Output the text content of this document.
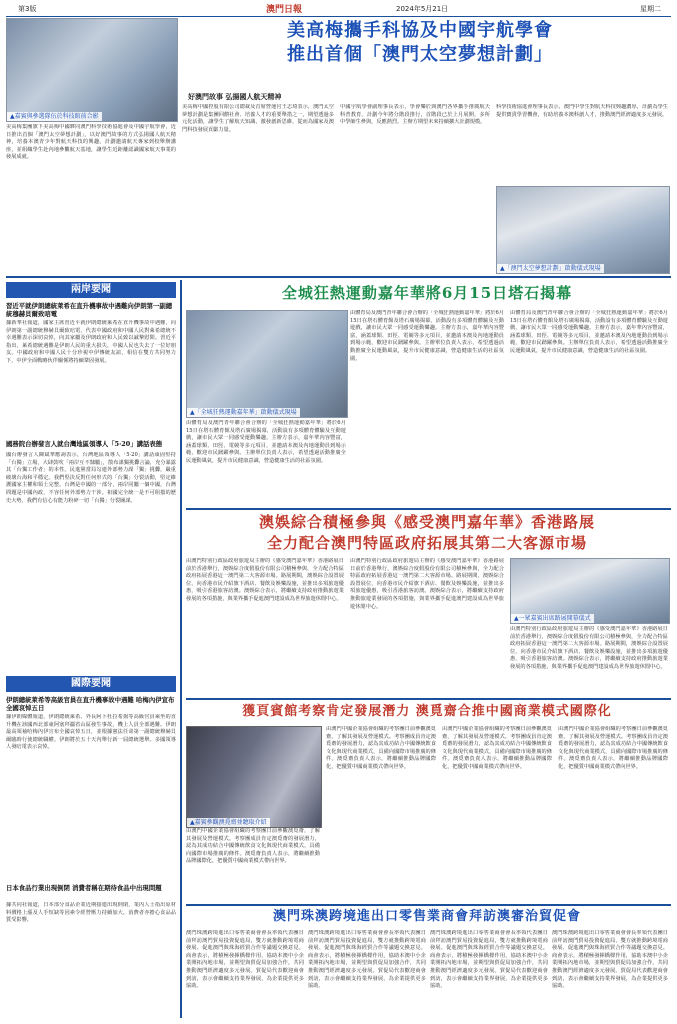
第3版	澳門日報	2024年5月21日	星期二
美高梅攜手科協及中國宇航學會
推出首個「澳門太空夢想計劃」
▲嘉賓與參選隊伍於科技館前合影
好澳門故事 弘揚國人航天精神
美高梅集團旗下美高梅中國夥同澳門科學技術協進會及中國宇航學會，近日推出首個「澳門太空夢想計劃」，以好澳門故事的方式弘揚國人航天精神，培養本澳青少年對航天科技的興趣。計劃邀請航天專家到校舉辦講座，並組織學生赴內地參觀航天基地，讓學生近距離認識國家航天事業的發展成就。
美高梅中國控股有限公司總裁及首席營運官王志琦表示，澳門太空夢想計劃是集團回饋社會、培養人才的重要舉措之一，期望透過多元化活動，讓學生了解航天知識，激發創新思維，從而為國家及澳門科技發展貢獻力量。
中國宇航學會副理事長表示，學會樂於與澳門各界攜手推廣航天科普教育。計劃今年將分階段推行，首階段已於上月展開，多所中學師生參與，反應熱烈。主辦方期望未來持續擴大計劃規模。
科學技術協進會理事長表示，澳門中學生對航天科技興趣濃厚，計劃為學生提供寶貴學習機會，有助培養本澳科創人才，推動澳門經濟適度多元發展。
▲「澳門太空夢想計劃」啟動儀式現場
兩岸要聞
習近平就伊朗總統萊希在直升機事故中遇難向伊朗第一副總統穆赫貝爾致唁電
據新華社報道，國家主席習近平就伊朗總統萊希在直升機事故中遇難，向伊朗第一副總統穆赫貝爾致唁電，代表中國政府和中國人民對萊希總統不幸遇難表示深切哀悼，向其家屬及伊朗政府和人民致以誠摯慰問。習近平指出，萊希總統遇難是伊朗人民的重大損失，中國人民也失去了一位好朋友。中國政府和中國人民十分珍視中伊傳統友誼，相信在雙方共同努力下，中伊全面戰略伙伴關係將持續鞏固發展。
國務院台辦發言人就台灣地區領導人「5·20」講話表態
國台辦發言人陳斌華應詢表示，台灣地區領導人「5·20」講話頑固堅持「台獨」立場，大肆鼓吹「兩岸互不隸屬」，散布謀獨挑釁言論，充分暴露其「台獨工作者」的本性。民進黨當局勾連外部勢力謀「獨」挑釁，嚴重破壞台海和平穩定。我們堅決反對任何形式的「台獨」分裂活動，堅定維護國家主權和領土完整。台灣是中國的一部分，兩岸同屬一個中國，台灣問題是中國內政，不容任何外部勢力干涉。祖國完全統一是不可阻擋的歷史大勢，我們有信心有能力粉碎一切「台獨」分裂圖謀。
國際要聞
伊朗總統萊希等高級官員在直升機事故中遇難 哈梅內伊宣布全國哀悼五日
據伊朗媒體報道，伊朗總統萊希、外長阿卜杜拉希揚等高級官員乘坐的直升機在該國西北部東阿塞拜疆省山區發生事故，機上人員全部遇難。伊朗最高領袖哈梅內伊宣布全國哀悼五日，並根據憲法任命第一副總統穆赫貝爾臨時行使總統職權。伊朗將於五十天內舉行新一屆總統選舉。多國領導人發唁電表示哀悼。
日本食品行業出現倒閉 消費者稱在期待食品中出現問題
據共同社報道，日本部分食品企業近期接連出現倒閉，業內人士指出原材料價格上漲及人手短缺等因素令經營壓力持續加大，消費者亦擔心食品品質受影響。
全城狂熱運動嘉年華將6月15日塔石揭幕
▲「全城狂熱運動嘉年華」啟動儀式現場
由體育局及澳門青年聯合會合辦的「全城狂熱運動嘉年華」將於6月15日在塔石體育館及塔石廣場揭幕，活動設有多項體育體驗及互動遊戲，讓市民大眾一同感受運動樂趣。主辦方表示，嘉年華內容豐富，涵蓋球類、田徑、電競等多元項目，並邀請本澳及內地運動員到場示範，歡迎市民踴躍參與。主辦單位負責人表示，希望透過活動推廣全民運動風氣，提升市民健康意識，營造健康生活的社區氛圍。
由體育局及澳門青年聯合會合辦的「全城狂熱運動嘉年華」將於6月15日在塔石體育館及塔石廣場揭幕，活動設有多項體育體驗及互動遊戲，讓市民大眾一同感受運動樂趣。主辦方表示，嘉年華內容豐富，涵蓋球類、田徑、電競等多元項目，並邀請本澳及內地運動員到場示範，歡迎市民踴躍參與。主辦單位負責人表示，希望透過活動推廣全民運動風氣，提升市民健康意識，營造健康生活的社區氛圍。
由體育局及澳門青年聯合會合辦的「全城狂熱運動嘉年華」將於6月15日在塔石體育館及塔石廣場揭幕，活動設有多項體育體驗及互動遊戲，讓市民大眾一同感受運動樂趣。主辦方表示，嘉年華內容豐富，涵蓋球類、田徑、電競等多元項目，並邀請本澳及內地運動員到場示範，歡迎市民踴躍參與。主辦單位負責人表示，希望透過活動推廣全民運動風氣，提升市民健康意識，營造健康生活的社區氛圍。
澳娛綜合積極參與《感受澳門嘉年華》香港路展
全力配合澳門特區政府拓展其第二大客源市場
由澳門特別行政區政府旅遊局主辦的《感受澳門嘉年華》香港路展日前於香港舉行，澳娛綜合度假股份有限公司積極參與，全力配合特區政府拓展香港這一澳門第二大客源市場。路展期間，澳娛綜合設置展位，向香港市民介紹旗下酒店、餐飲及娛樂設施，並推出多項旅遊優惠，吸引香港旅客訪澳。澳娛綜合表示，將繼續支持政府推動旅遊業發展的各項措施，與業界攜手促進澳門建設成為世界旅遊休閒中心。
由澳門特別行政區政府旅遊局主辦的《感受澳門嘉年華》香港路展日前於香港舉行，澳娛綜合度假股份有限公司積極參與，全力配合特區政府拓展香港這一澳門第二大客源市場。路展期間，澳娛綜合設置展位，向香港市民介紹旗下酒店、餐飲及娛樂設施，並推出多項旅遊優惠，吸引香港旅客訪澳。澳娛綜合表示，將繼續支持政府推動旅遊業發展的各項措施，與業界攜手促進澳門建設成為世界旅遊休閒中心。
▲一眾嘉賓出席路展開幕儀式
由澳門特別行政區政府旅遊局主辦的《感受澳門嘉年華》香港路展日前於香港舉行，澳娛綜合度假股份有限公司積極參與，全力配合特區政府拓展香港這一澳門第二大客源市場。路展期間，澳娛綜合設置展位，向香港市民介紹旗下酒店、餐飲及娛樂設施，並推出多項旅遊優惠，吸引香港旅客訪澳。澳娛綜合表示，將繼續支持政府推動旅遊業發展的各項措施，與業界攜手促進澳門建設成為世界旅遊休閒中心。
獲頁賓館考察肯定發展潛力 澳覓齋合推中國商業模式國際化
▲嘉賓參觀澳覓齋並聽取介紹
由澳門中國企業協會組織的考察團日前參觀澳覓齋，了解其發展及營運模式。考察團成員肯定澳覓齋的發展潛力，認為其成功結合中國傳統飲食文化與現代商業模式，具備向國際市場推廣的條件。澳覓齋負責人表示，將繼續推動品牌國際化，把優質中國商業模式帶向世界。
由澳門中國企業協會組織的考察團日前參觀澳覓齋，了解其發展及營運模式。考察團成員肯定澳覓齋的發展潛力，認為其成功結合中國傳統飲食文化與現代商業模式，具備向國際市場推廣的條件。澳覓齋負責人表示，將繼續推動品牌國際化，把優質中國商業模式帶向世界。
由澳門中國企業協會組織的考察團日前參觀澳覓齋，了解其發展及營運模式。考察團成員肯定澳覓齋的發展潛力，認為其成功結合中國傳統飲食文化與現代商業模式，具備向國際市場推廣的條件。澳覓齋負責人表示，將繼續推動品牌國際化，把優質中國商業模式帶向世界。
由澳門中國企業協會組織的考察團日前參觀澳覓齋，了解其發展及營運模式。考察團成員肯定澳覓齋的發展潛力，認為其成功結合中國傳統飲食文化與現代商業模式，具備向國際市場推廣的條件。澳覓齋負責人表示，將繼續推動品牌國際化，把優質中國商業模式帶向世界。
澳門珠澳跨境進出口零售業商會拜訪澳審治貿促會
澳門珠澳跨境進出口零售業商會會長率領代表團日前拜訪澳門貿易投資促進局，雙方就推動跨境電商發展、促進澳門與珠海經貿合作等議題交換意見。商會表示，將積極發揮橋樑作用，協助本澳中小企業開拓內地市場，並期望與貿促局加強合作，共同推動澳門經濟適度多元發展。貿促局代表歡迎商會到訪，表示會繼續支持業界發展，為企業提供更多協助。
澳門珠澳跨境進出口零售業商會會長率領代表團日前拜訪澳門貿易投資促進局，雙方就推動跨境電商發展、促進澳門與珠海經貿合作等議題交換意見。商會表示，將積極發揮橋樑作用，協助本澳中小企業開拓內地市場，並期望與貿促局加強合作，共同推動澳門經濟適度多元發展。貿促局代表歡迎商會到訪，表示會繼續支持業界發展，為企業提供更多協助。
澳門珠澳跨境進出口零售業商會會長率領代表團日前拜訪澳門貿易投資促進局，雙方就推動跨境電商發展、促進澳門與珠海經貿合作等議題交換意見。商會表示，將積極發揮橋樑作用，協助本澳中小企業開拓內地市場，並期望與貿促局加強合作，共同推動澳門經濟適度多元發展。貿促局代表歡迎商會到訪，表示會繼續支持業界發展，為企業提供更多協助。
澳門珠澳跨境進出口零售業商會會長率領代表團日前拜訪澳門貿易投資促進局，雙方就推動跨境電商發展、促進澳門與珠海經貿合作等議題交換意見。商會表示，將積極發揮橋樑作用，協助本澳中小企業開拓內地市場，並期望與貿促局加強合作，共同推動澳門經濟適度多元發展。貿促局代表歡迎商會到訪，表示會繼續支持業界發展，為企業提供更多協助。
